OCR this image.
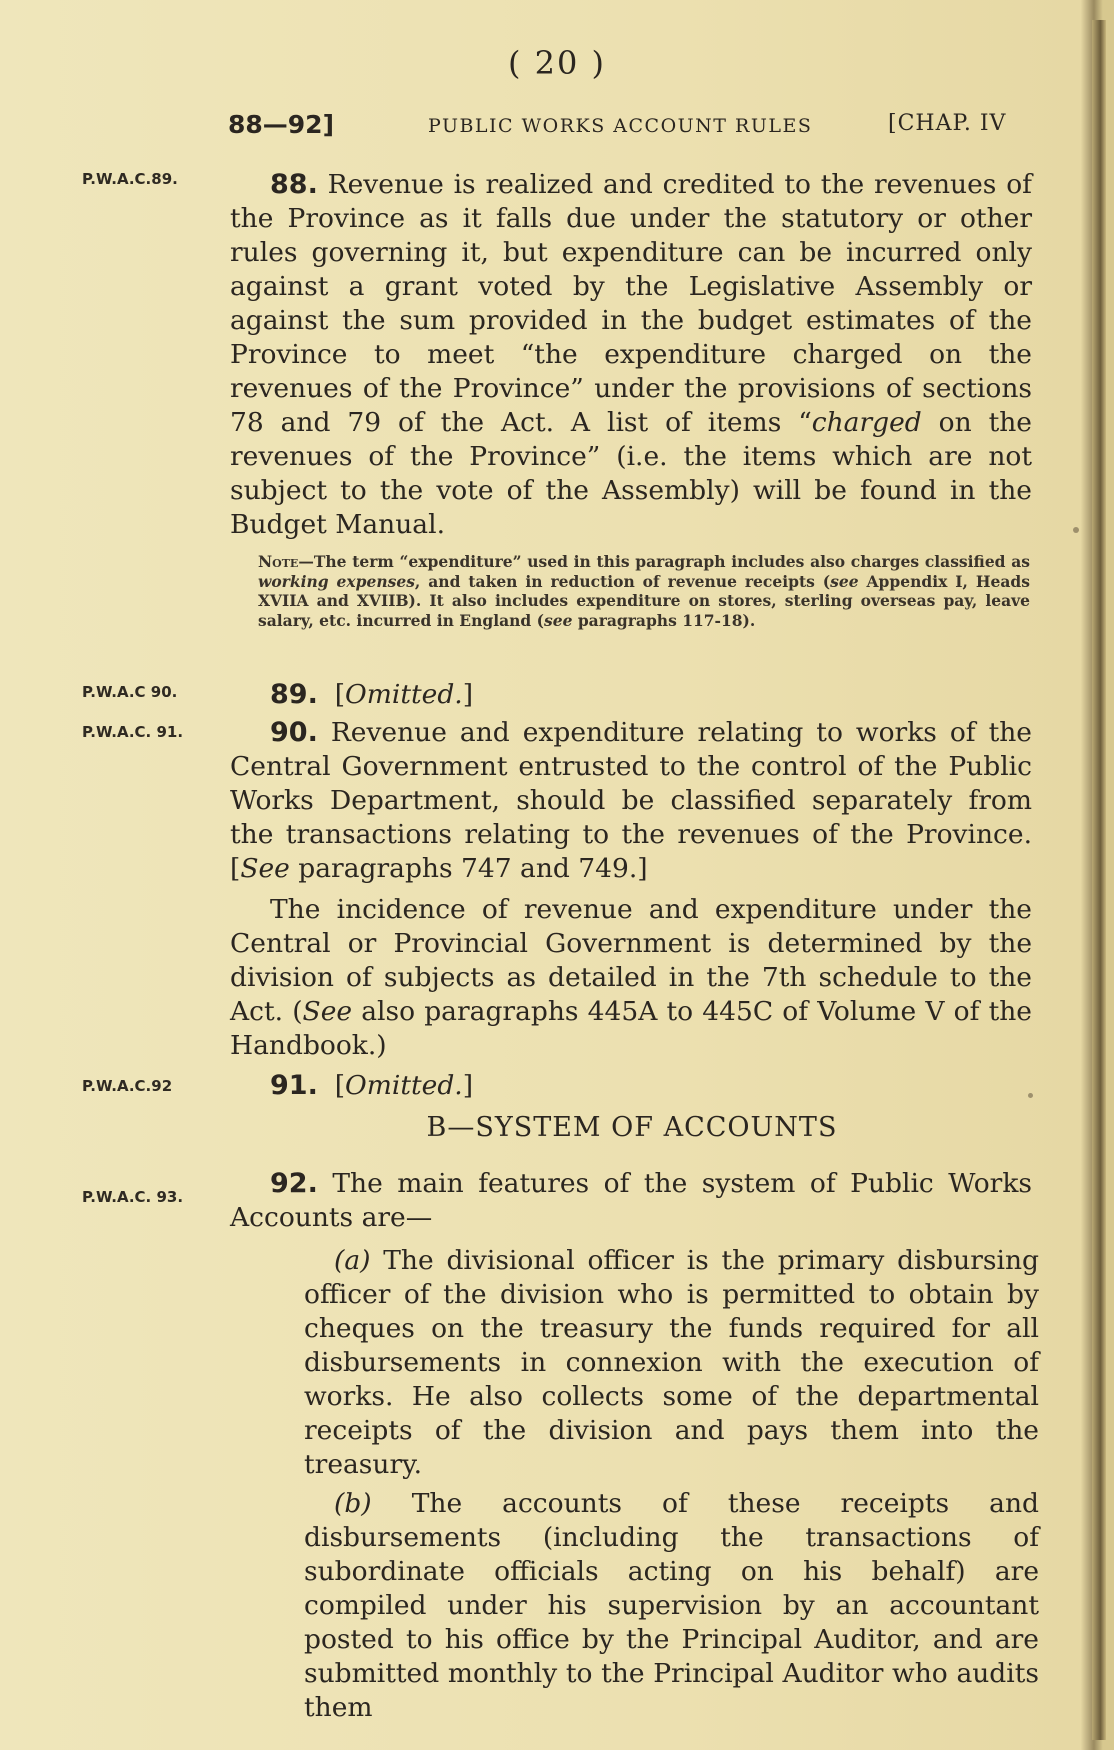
( 20 )
88—92]	PUBLIC WORKS ACCOUNT RULES	[CHAP. IV
P.W.A.C.89.	88. Revenue is realized and credited to the revenues of the Province as it falls due under the statutory or other rules governing it, but expenditure can be incurred only against a grant voted by the Legislative Assembly or against the sum provided in the budget estimates of the Province to meet “the expenditure charged on the revenues of the Province” under the provisions of sections 78 and 79 of the Act. A list of items “charged on the revenues of the Province” (i.e. the items which are not subject to the vote of the Assembly) will be found in the Budget Manual.
Note—The term “expenditure” used in this paragraph includes also charges classified as working expenses, and taken in reduction of revenue receipts (see Appendix I, Heads XVIIA and XVIIB). It also includes expenditure on stores, sterling overseas pay, leave salary, etc. incurred in England (see paragraphs 117-18).
P.W.A.C 90.	89.  [Omitted.]
P.W.A.C. 91.	90. Revenue and expenditure relating to works of the Central Government entrusted to the control of the Public Works Department, should be classified separately from the transactions relating to the revenues of the Province. [See paragraphs 747 and 749.]
The incidence of revenue and expenditure under the Central or Provincial Government is determined by the division of subjects as detailed in the 7th schedule to the Act. (See also paragraphs 445A to 445C of Volume V of the Handbook.)
P.W.A.C.92	91.  [Omitted.]
B—SYSTEM OF ACCOUNTS
P.W.A.C. 93.	92. The main features of the system of Public Works Accounts are—
(a) The divisional officer is the primary disbursing officer of the division who is permitted to obtain by cheques on the treasury the funds required for all disbursements in connexion with the execution of works. He also collects some of the departmental receipts of the division and pays them into the treasury.
(b) The accounts of these receipts and disbursements (including the transactions of subordinate officials acting on his behalf) are compiled under his supervision by an accountant posted to his office by the Principal Auditor, and are submitted monthly to the Principal Auditor who audits them
